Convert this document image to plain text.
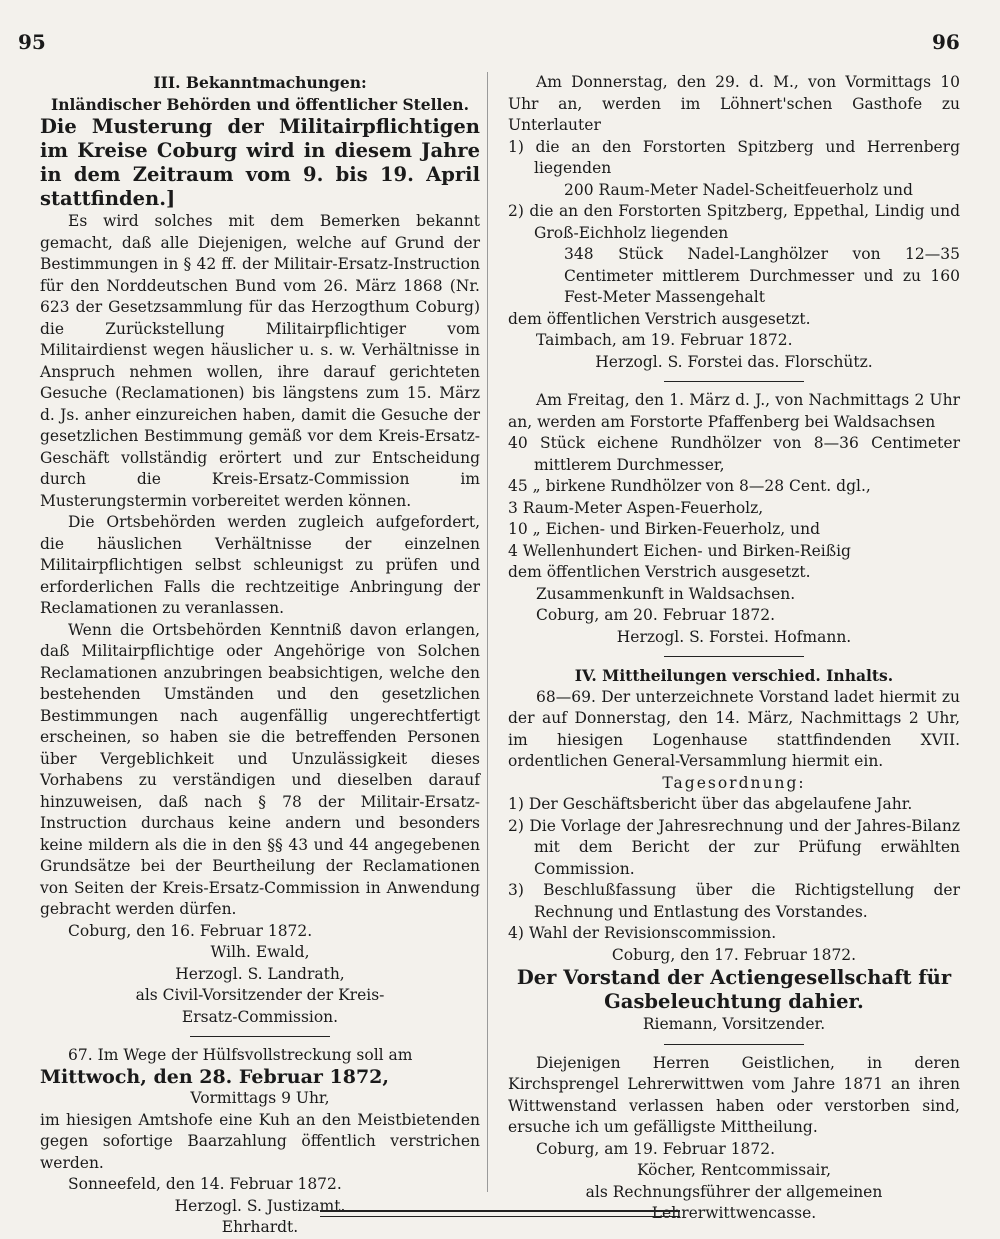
95	96

III. Bekanntmachungen:

Inländischer Behörden und öffentlicher Stellen.

Die Musterung der Militairpflichtigen im Kreise Coburg wird in diesem Jahre in dem Zeitraum vom 9. bis 19. April stattfinden.]

Es wird solches mit dem Bemerken bekannt gemacht, daß alle Diejenigen, welche auf Grund der Bestimmungen in § 42 ff. der Militair-Ersatz-Instruction für den Norddeutschen Bund vom 26. März 1868 (Nr. 623 der Gesetzsammlung für das Herzogthum Coburg) die Zurückstellung Militairpflichtiger vom Militairdienst wegen häuslicher u. s. w. Verhältnisse in Anspruch nehmen wollen, ihre darauf gerichteten Gesuche (Reclamationen) bis längstens zum 15. März d. Js. anher einzureichen haben, damit die Gesuche der gesetzlichen Bestimmung gemäß vor dem Kreis-Ersatz-Geschäft vollständig erörtert und zur Entscheidung durch die Kreis-Ersatz-Commission im Musterungstermin vorbereitet werden können.

Die Ortsbehörden werden zugleich aufgefordert, die häuslichen Verhältnisse der einzelnen Militairpflichtigen selbst schleunigst zu prüfen und erforderlichen Falls die rechtzeitige Anbringung der Reclamationen zu veranlassen.

Wenn die Ortsbehörden Kenntniß davon erlangen, daß Militairpflichtige oder Angehörige von Solchen Reclamationen anzubringen beabsichtigen, welche den bestehenden Umständen und den gesetzlichen Bestimmungen nach augenfällig ungerechtfertigt erscheinen, so haben sie die betreffenden Personen über Vergeblichkeit und Unzulässigkeit dieses Vorhabens zu verständigen und dieselben darauf hinzuweisen, daß nach § 78 der Militair-Ersatz-Instruction durchaus keine andern und besonders keine mildern als die in den §§ 43 und 44 angegebenen Grundsätze bei der Beurtheilung der Reclamationen von Seiten der Kreis-Ersatz-Commission in Anwendung gebracht werden dürfen.

Coburg, den 16. Februar 1872.

Wilh. Ewald,

Herzogl. S. Landrath,

als Civil-Vorsitzender der Kreis-

Ersatz-Commission.

67. Im Wege der Hülfsvollstreckung soll am

Mittwoch, den 28. Februar 1872,

Vormittags 9 Uhr,

im hiesigen Amtshofe eine Kuh an den Meistbietenden gegen sofortige Baarzahlung öffentlich verstrichen werden.

Sonneefeld, den 14. Februar 1872.

Herzogl. S. Justizamt.

Ehrhardt.

Am Donnerstag, den 29. d. M., von Vormittags 10 Uhr an, werden im Löhnert'schen Gasthofe zu Unterlauter

1) die an den Forstorten Spitzberg und Herrenberg liegenden

200 Raum-Meter Nadel-Scheitfeuerholz und

2) die an den Forstorten Spitzberg, Eppethal, Lindig und Groß-Eichholz liegenden

348 Stück Nadel-Langhölzer von 12—35 Centimeter mittlerem Durchmesser und zu 160 Fest-Meter Massengehalt

dem öffentlichen Verstrich ausgesetzt.

Taimbach, am 19. Februar 1872.

Herzogl. S. Forstei das. Florschütz.

Am Freitag, den 1. März d. J., von Nachmittags 2 Uhr an, werden am Forstorte Pfaffenberg bei Waldsachsen

40 Stück eichene Rundhölzer von 8—36 Centimeter mittlerem Durchmesser,

45 „ birkene Rundhölzer von 8—28 Cent. dgl.,

3 Raum-Meter Aspen-Feuerholz,

10 „ Eichen- und Birken-Feuerholz, und

4 Wellenhundert Eichen- und Birken-Reißig

dem öffentlichen Verstrich ausgesetzt.

Zusammenkunft in Waldsachsen.

Coburg, am 20. Februar 1872.

Herzogl. S. Forstei. Hofmann.

IV. Mittheilungen verschied. Inhalts.

68—69. Der unterzeichnete Vorstand ladet hiermit zu der auf Donnerstag, den 14. März, Nachmittags 2 Uhr, im hiesigen Logenhause stattfindenden XVII. ordentlichen General-Versammlung hiermit ein.

Tagesordnung:

1) Der Geschäftsbericht über das abgelaufene Jahr.

2) Die Vorlage der Jahresrechnung und der Jahres-Bilanz mit dem Bericht der zur Prüfung erwählten Commission.

3) Beschlußfassung über die Richtigstellung der Rechnung und Entlastung des Vorstandes.

4) Wahl der Revisionscommission.

Coburg, den 17. Februar 1872.

Der Vorstand der Actiengesellschaft für Gasbeleuchtung dahier.

Riemann, Vorsitzender.

Diejenigen Herren Geistlichen, in deren Kirchsprengel Lehrerwittwen vom Jahre 1871 an ihren Wittwenstand verlassen haben oder verstorben sind, ersuche ich um gefälligste Mittheilung.

Coburg, am 19. Februar 1872.

Köcher, Rentcommissair,

als Rechnungsführer der allgemeinen

Lehrerwittwencasse.
